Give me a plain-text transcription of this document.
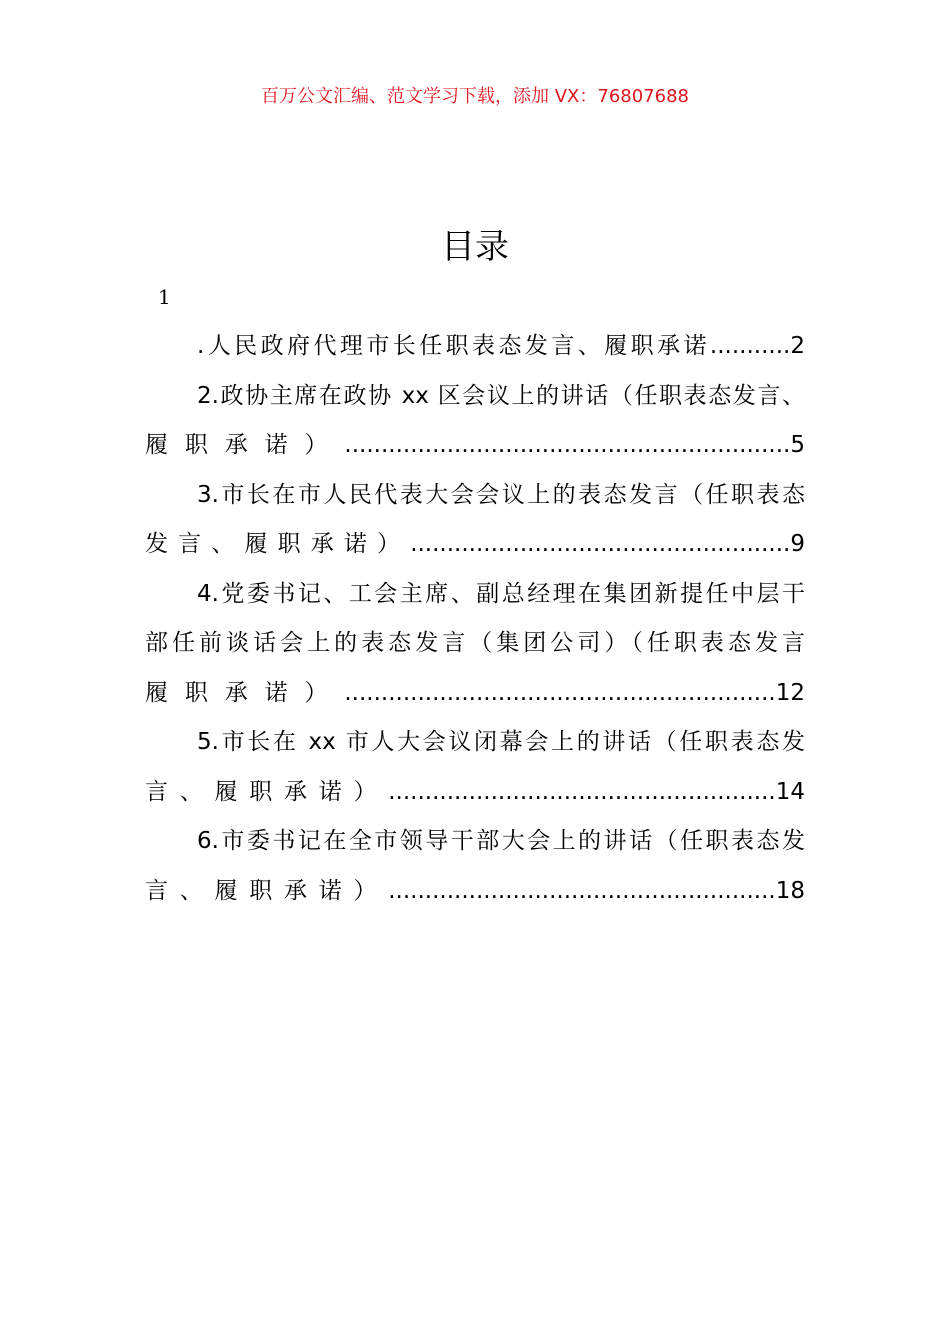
百万公文汇编、范文学习下载，添加 VX：76807688
目录
1
.人民政府代理市长任职表态发言、履职承诺...........2
2.政协主席在政协 xx 区会议上的讲话（任职表态发言、
履职承诺）.............................................................5
3.市长在市人民代表大会会议上的表态发言（任职表态
发言、履职承诺）....................................................9
4.党委书记、工会主席、副总经理在集团新提任中层干
部任前谈话会上的表态发言（集团公司）（任职表态发言
履职承诺）...........................................................12
5.市长在 xx 市人大会议闭幕会上的讲话（任职表态发
言、履职承诺）.....................................................14
6.市委书记在全市领导干部大会上的讲话（任职表态发
言、履职承诺）.....................................................18
